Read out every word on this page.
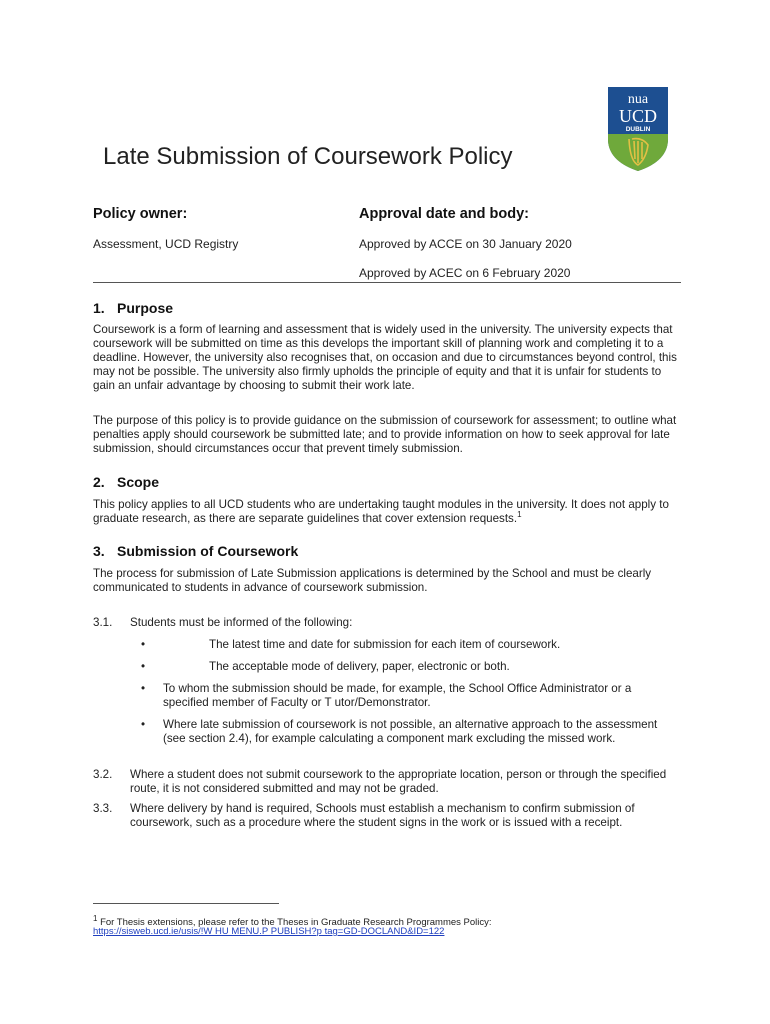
nua
UCD
DUBLIN
Late Submission of Coursework Policy
Policy owner:	Approval date and body:
Assessment, UCD Registry	Approved by ACCE on 30 January 2020
Approved by ACEC on 6 February 2020
1. Purpose
Coursework is a form of learning and assessment that is widely used in the university. The university expects that coursework will be submitted on time as this develops the important skill of planning work and completing it to a deadline. However, the university also recognises that, on occasion and due to circumstances beyond control, this may not be possible. The university also firmly upholds the principle of equity and that it is unfair for students to gain an unfair advantage by choosing to submit their work late.
The purpose of this policy is to provide guidance on the submission of coursework for assessment; to outline what penalties apply should coursework be submitted late; and to provide information on how to seek approval for late submission, should circumstances occur that prevent timely submission.
2. Scope
This policy applies to all UCD students who are undertaking taught modules in the university. It does not apply to graduate research, as there are separate guidelines that cover extension requests.$^1$
3. Submission of Coursework
The process for submission of Late Submission applications is determined by the School and must be clearly communicated to students in advance of coursework submission.
3.1. Students must be informed of the following:
•	The latest time and date for submission for each item of coursework.
•	The acceptable mode of delivery, paper, electronic or both.
• To whom the submission should be made, for example, the School Office Administrator or a specified member of Faculty or T utor/Demonstrator.
• Where late submission of coursework is not possible, an alternative approach to the assessment (see section 2.4), for example calculating a component mark excluding the missed work.
3.2. Where a student does not submit coursework to the appropriate location, person or through the specified route, it is not considered submitted and may not be graded.
3.3. Where delivery by hand is required, Schools must establish a mechanism to confirm submission of coursework, such as a procedure where the student signs in the work or is issued with a receipt.
$^1$ For Thesis extensions, please refer to the Theses in Graduate Research Programmes Policy:
https://sisweb.ucd.ie/usis/!W HU MENU.P PUBLISH?p tag=GD-DOCLAND&ID=122
